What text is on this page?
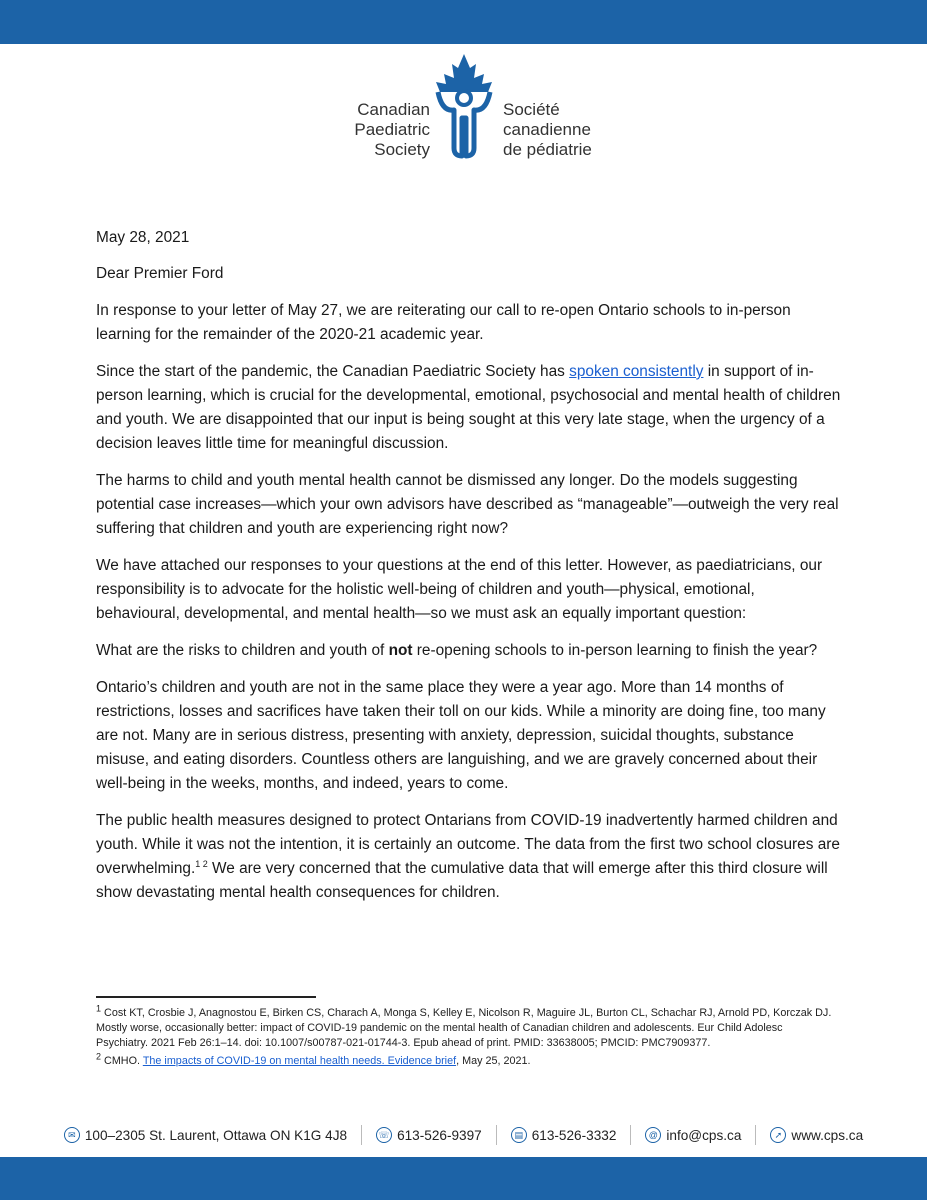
Canadian
Paediatric
Society
Société
canadienne
de pédiatrie

May 28, 2021

Dear Premier Ford

In response to your letter of May 27, we are reiterating our call to re-open Ontario schools to in-person learning for the remainder of the 2020-21 academic year.

Since the start of the pandemic, the Canadian Paediatric Society has spoken consistently in support of in-person learning, which is crucial for the developmental, emotional, psychosocial and mental health of children and youth. We are disappointed that our input is being sought at this very late stage, when the urgency of a decision leaves little time for meaningful discussion.

The harms to child and youth mental health cannot be dismissed any longer. Do the models suggesting potential case increases—which your own advisors have described as “manageable”—outweigh the very real suffering that children and youth are experiencing right now?

We have attached our responses to your questions at the end of this letter. However, as paediatricians, our responsibility is to advocate for the holistic well-being of children and youth—physical, emotional, behavioural, developmental, and mental health—so we must ask an equally important question:

What are the risks to children and youth of not re-opening schools to in-person learning to finish the year?

Ontario’s children and youth are not in the same place they were a year ago. More than 14 months of restrictions, losses and sacrifices have taken their toll on our kids. While a minority are doing fine, too many are not. Many are in serious distress, presenting with anxiety, depression, suicidal thoughts, substance misuse, and eating disorders. Countless others are languishing, and we are gravely concerned about their well-being in the weeks, months, and indeed, years to come.

The public health measures designed to protect Ontarians from COVID-19 inadvertently harmed children and youth. While it was not the intention, it is certainly an outcome. The data from the first two school closures are overwhelming.$^{1 2}$ We are very concerned that the cumulative data that will emerge after this third closure will show devastating mental health consequences for children.

$^1$ Cost KT, Crosbie J, Anagnostou E, Birken CS, Charach A, Monga S, Kelley E, Nicolson R, Maguire JL, Burton CL, Schachar RJ, Arnold PD, Korczak DJ. Mostly worse, occasionally better: impact of COVID-19 pandemic on the mental health of Canadian children and adolescents. Eur Child Adolesc Psychiatry. 2021 Feb 26:1–14. doi: 10.1007/s00787-021-01744-3. Epub ahead of print. PMID: 33638005; PMCID: PMC7909377.

$^2$ CMHO. The impacts of COVID-19 on mental health needs. Evidence brief, May 25, 2021.

✉ 100–2305 St. Laurent, Ottawa ON K1G 4J8	☏ 613-526-9397	▤ 613-526-3332	@ info@cps.ca	➚ www.cps.ca
